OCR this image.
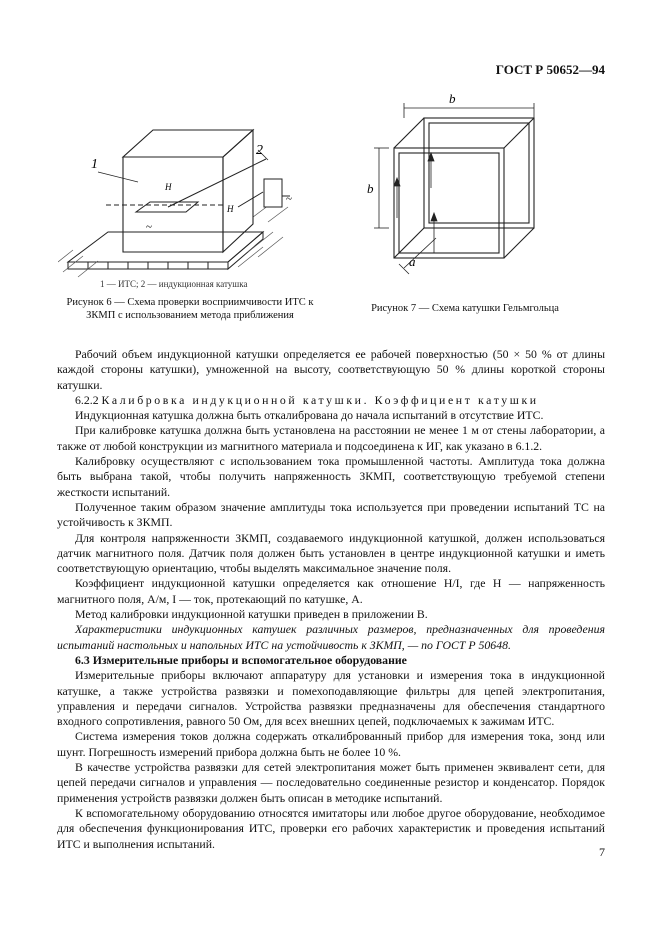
ГОСТ Р 50652—94
1
2
H
H
~
~
1 — ИТС; 2 — индукционная катушка
Рисунок 6 — Схема проверки восприимчивости ИТС к ЗКМП с использованием метода приближения
b
b
a
Рисунок 7 — Схема катушки Гельмгольца

Рабочий объем индукционной катушки определяется ее рабочей поверхностью (50 × 50 % от длины каждой стороны катушки), умноженной на высоту, соответствующую 50 % длины короткой стороны катушки.

6.2.2 Калибровка индукционной катушки. Коэффициент катушки

Индукционная катушка должна быть откалибрована до начала испытаний в отсутствие ИТС.

При калибровке катушка должна быть установлена на расстоянии не менее 1 м от стены лаборатории, а также от любой конструкции из магнитного материала и подсоединена к ИГ, как указано в 6.1.2.

Калибровку осуществляют с использованием тока промышленной частоты. Амплитуда тока должна быть выбрана такой, чтобы получить напряженность ЗКМП, соответствующую требуемой степени жесткости испытаний.

Полученное таким образом значение амплитуды тока используется при проведении испытаний ТС на устойчивость к ЗКМП.

Для контроля напряженности ЗКМП, создаваемого индукционной катушкой, должен использоваться датчик магнитного поля. Датчик поля должен быть установлен в центре индукционной катушки и иметь соответствующую ориентацию, чтобы выделять максимальное значение поля.

Коэффициент индукционной катушки определяется как отношение H/I, где H — напряженность магнитного поля, А/м, I — ток, протекающий по катушке, А.

Метод калибровки индукционной катушки приведен в приложении В.

Характеристики индукционных катушек различных размеров, предназначенных для проведения испытаний настольных и напольных ИТС на устойчивость к ЗКМП, — по ГОСТ Р 50648.

6.3 Измерительные приборы и вспомогательное оборудование

Измерительные приборы включают аппаратуру для установки и измерения тока в индукционной катушке, а также устройства развязки и помехоподавляющие фильтры для цепей электропитания, управления и передачи сигналов. Устройства развязки предназначены для обеспечения стандартного входного сопротивления, равного 50 Ом, для всех внешних цепей, подключаемых к зажимам ИТС.

Система измерения токов должна содержать откалиброванный прибор для измерения тока, зонд или шунт. Погрешность измерений прибора должна быть не более 10 %.

В качестве устройства развязки для сетей электропитания может быть применен эквивалент сети, для цепей передачи сигналов и управления — последовательно соединенные резистор и конденсатор. Порядок применения устройств развязки должен быть описан в методике испытаний.

К вспомогательному оборудованию относятся имитаторы или любое другое оборудование, необходимое для обеспечения функционирования ИТС, проверки его рабочих характеристик и проведения испытаний ИТС и выполнения испытаний.

7
